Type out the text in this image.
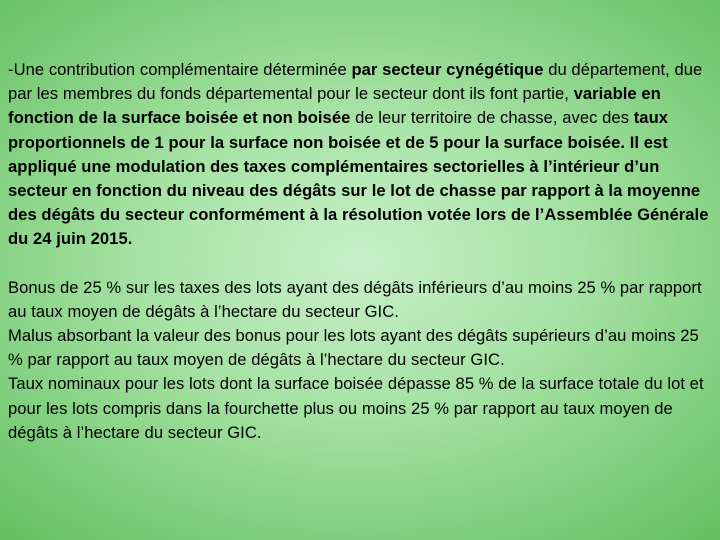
-Une contribution complémentaire déterminée par secteur cynégétique du département, due par les membres du fonds départemental pour le secteur dont ils font partie, variable en fonction de la surface boisée et non boisée de leur territoire de chasse, avec des taux proportionnels de 1 pour la surface non boisée et de 5 pour la surface boisée. Il est appliqué une modulation des taxes complémentaires sectorielles à l’intérieur d’un secteur en fonction du niveau des dégâts sur le lot de chasse par rapport à la moyenne des dégâts du secteur conformément à la résolution votée lors de l’Assemblée Générale du 24 juin 2015.

Bonus de 25 % sur les taxes des lots ayant des dégâts inférieurs d’au moins 25 % par rapport au taux moyen de dégâts à l’hectare du secteur GIC.

Malus absorbant la valeur des bonus pour les lots ayant des dégâts supérieurs d’au moins 25 % par rapport au taux moyen de dégâts à l’hectare du secteur GIC.

Taux nominaux pour les lots dont la surface boisée dépasse 85 % de la surface totale du lot et pour les lots compris dans la fourchette plus ou moins 25 % par rapport au taux moyen de dégâts à l’hectare du secteur GIC.
